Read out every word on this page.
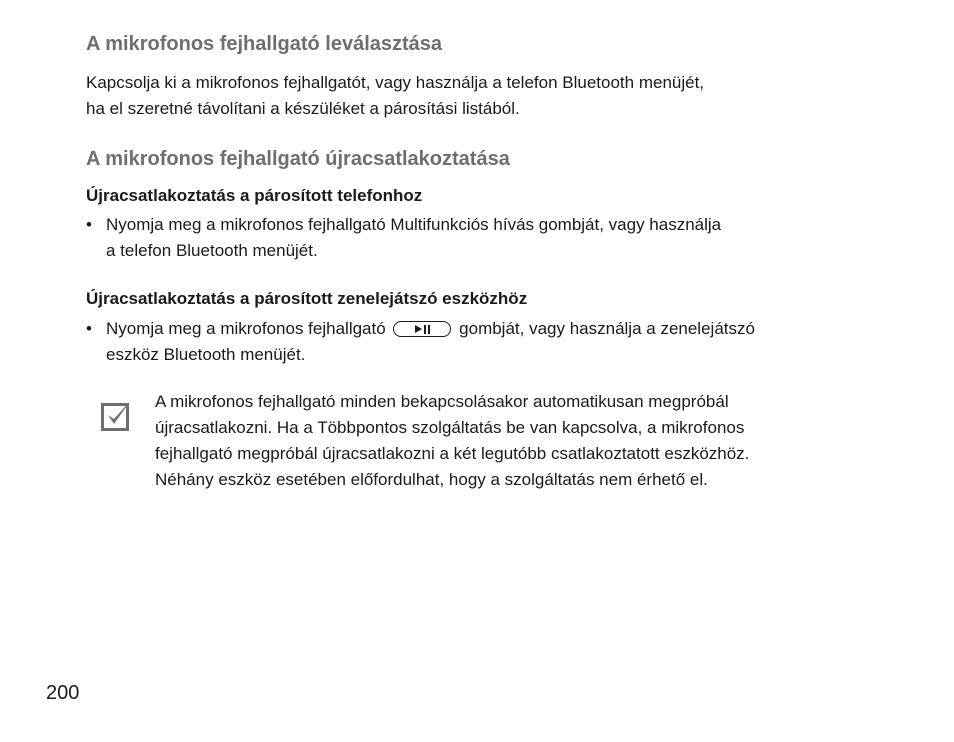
A mikrofonos fejhallgató leválasztása
Kapcsolja ki a mikrofonos fejhallgatót, vagy használja a telefon Bluetooth menüjét,
ha el szeretné távolítani a készüléket a párosítási listából.
A mikrofonos fejhallgató újracsatlakoztatása
Újracsatlakoztatás a párosított telefonhoz
• Nyomja meg a mikrofonos fejhallgató Multifunkciós hívás gombját, vagy használja
a telefon Bluetooth menüjét.
Újracsatlakoztatás a párosított zenelejátszó eszközhöz
• Nyomja meg a mikrofonos fejhallgató	gombját, vagy használja a zenelejátszó
eszköz Bluetooth menüjét.
A mikrofonos fejhallgató minden bekapcsolásakor automatikusan megpróbál
újracsatlakozni. Ha a Többpontos szolgáltatás be van kapcsolva, a mikrofonos
fejhallgató megpróbál újracsatlakozni a két legutóbb csatlakoztatott eszközhöz.
Néhány eszköz esetében előfordulhat, hogy a szolgáltatás nem érhető el.
200
